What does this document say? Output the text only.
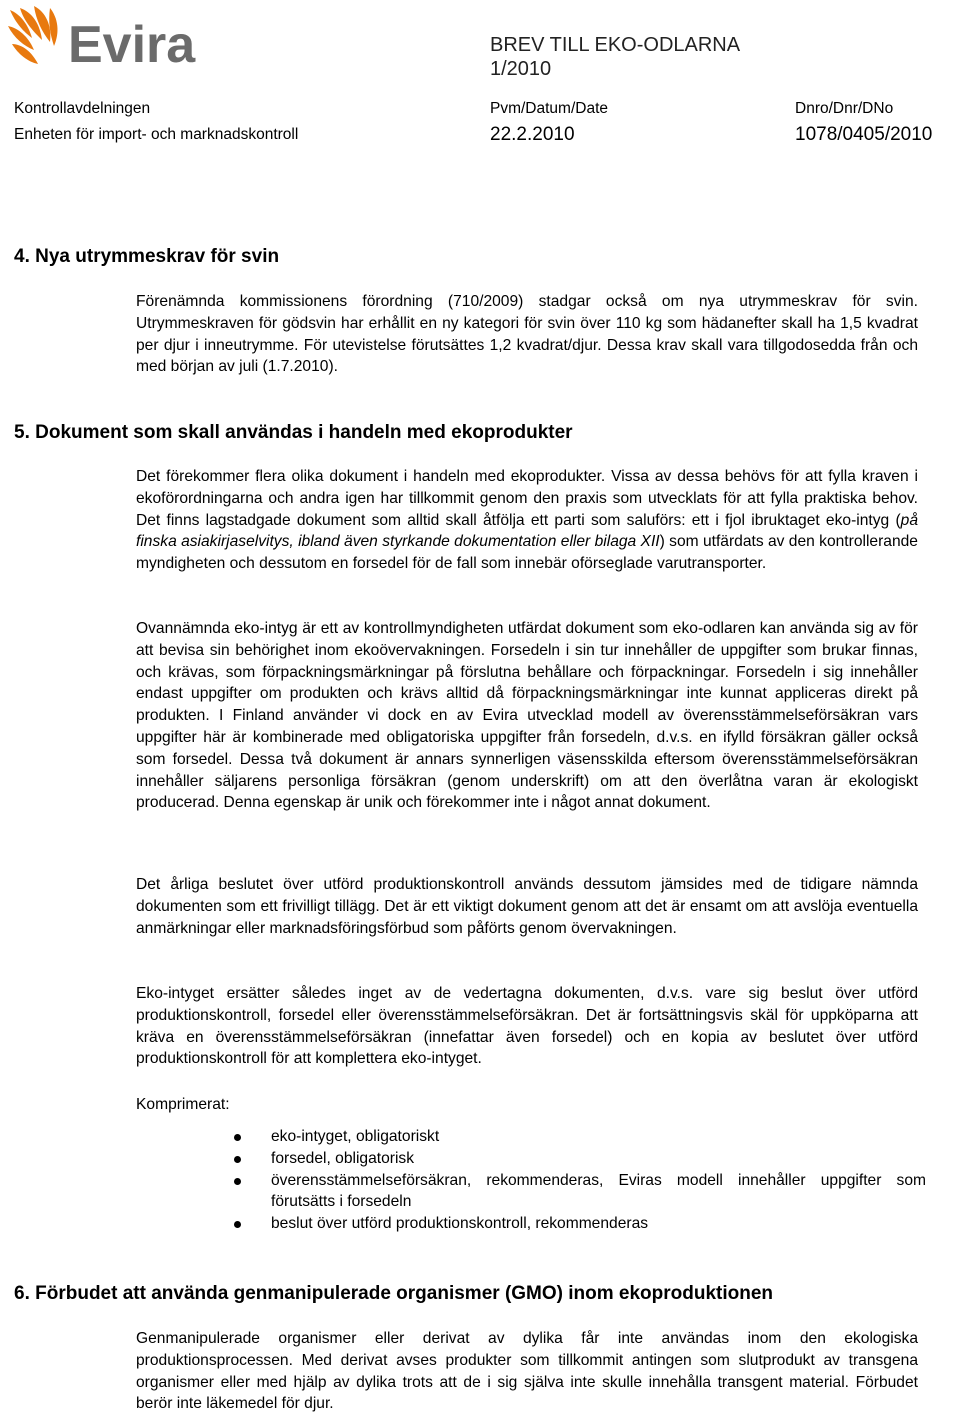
Evira	BREV TILL EKO-ODLARNA
1/2010
Kontrollavdelningen
Enheten för import- och marknadskontroll
Pvm/Datum/Date
22.2.2010
Dnro/Dnr/DNo
1078/0405/2010
4. Nya utrymmeskrav för svin

Förenämnda kommissionens förordning (710/2009) stadgar också om nya utrymmeskrav för svin. Utrymmeskraven för gödsvin har erhållit en ny kategori för svin över 110 kg som hädanefter skall ha 1,5 kvadrat per djur i inneutrymme. För utevistelse förutsättes 1,2 kvadrat/djur. Dessa krav skall vara tillgodosedda från och med början av juli (1.7.2010).

5. Dokument som skall användas i handeln med ekoprodukter

Det förekommer flera olika dokument i handeln med ekoprodukter. Vissa av dessa behövs för att fylla kraven i ekoförordningarna och andra igen har tillkommit genom den praxis som utvecklats för att fylla praktiska behov. Det finns lagstadgade dokument som alltid skall åtfölja ett parti som saluförs: ett i fjol ibruktaget eko-intyg (på finska asiakirjaselvitys, ibland även styrkande dokumentation eller bilaga XII) som utfärdats av den kontrollerande myndigheten och dessutom en forsedel för de fall som innebär oförseglade varutransporter.

Ovannämnda eko-intyg är ett av kontrollmyndigheten utfärdat dokument som eko-odlaren kan använda sig av för att bevisa sin behörighet inom ekoövervakningen. Forsedeln i sin tur innehåller de uppgifter som brukar finnas, och krävas, som förpackningsmärkningar på förslutna behållare och förpackningar. Forsedeln i sig innehåller endast uppgifter om produkten och krävs alltid då förpackningsmärkningar inte kunnat appliceras direkt på produkten. I Finland använder vi dock en av Evira utvecklad modell av överensstämmelseförsäkran vars uppgifter här är kombinerade med obligatoriska uppgifter från forsedeln, d.v.s. en ifylld försäkran gäller också som forsedel. Dessa två dokument är annars synnerligen väsensskilda eftersom överensstämmelseförsäkran innehåller säljarens personliga försäkran (genom underskrift) om att den överlåtna varan är ekologiskt producerad. Denna egenskap är unik och förekommer inte i något annat dokument.

Det årliga beslutet över utförd produktionskontroll används dessutom jämsides med de tidigare nämnda dokumenten som ett frivilligt tillägg. Det är ett viktigt dokument genom att det är ensamt om att avslöja eventuella anmärkningar eller marknadsföringsförbud som påförts genom övervakningen.

Eko-intyget ersätter således inget av de vedertagna dokumenten, d.v.s. vare sig beslut över utförd produktionskontroll, forsedel eller överensstämmelseförsäkran. Det är fortsättningsvis skäl för uppköparna att kräva en överensstämmelseförsäkran (innefattar även forsedel) och en kopia av beslutet över utförd produktionskontroll för att komplettera eko-intyget.

Komprimerat:
eko-intyget, obligatoriskt
forsedel, obligatorisk
överensstämmelseförsäkran, rekommenderas, Eviras modell innehåller uppgifter som förutsätts i forsedeln
beslut över utförd produktionskontroll, rekommenderas
6. Förbudet att använda genmanipulerade organismer (GMO) inom ekoproduktionen

Genmanipulerade organismer eller derivat av dylika får inte användas inom den ekologiska produktionsprocessen. Med derivat avses produkter som tillkommit antingen som slutprodukt av transgena organismer eller med hjälp av dylika trots att de i sig själva inte skulle innehålla transgent material. Förbudet berör inte läkemedel för djur.
